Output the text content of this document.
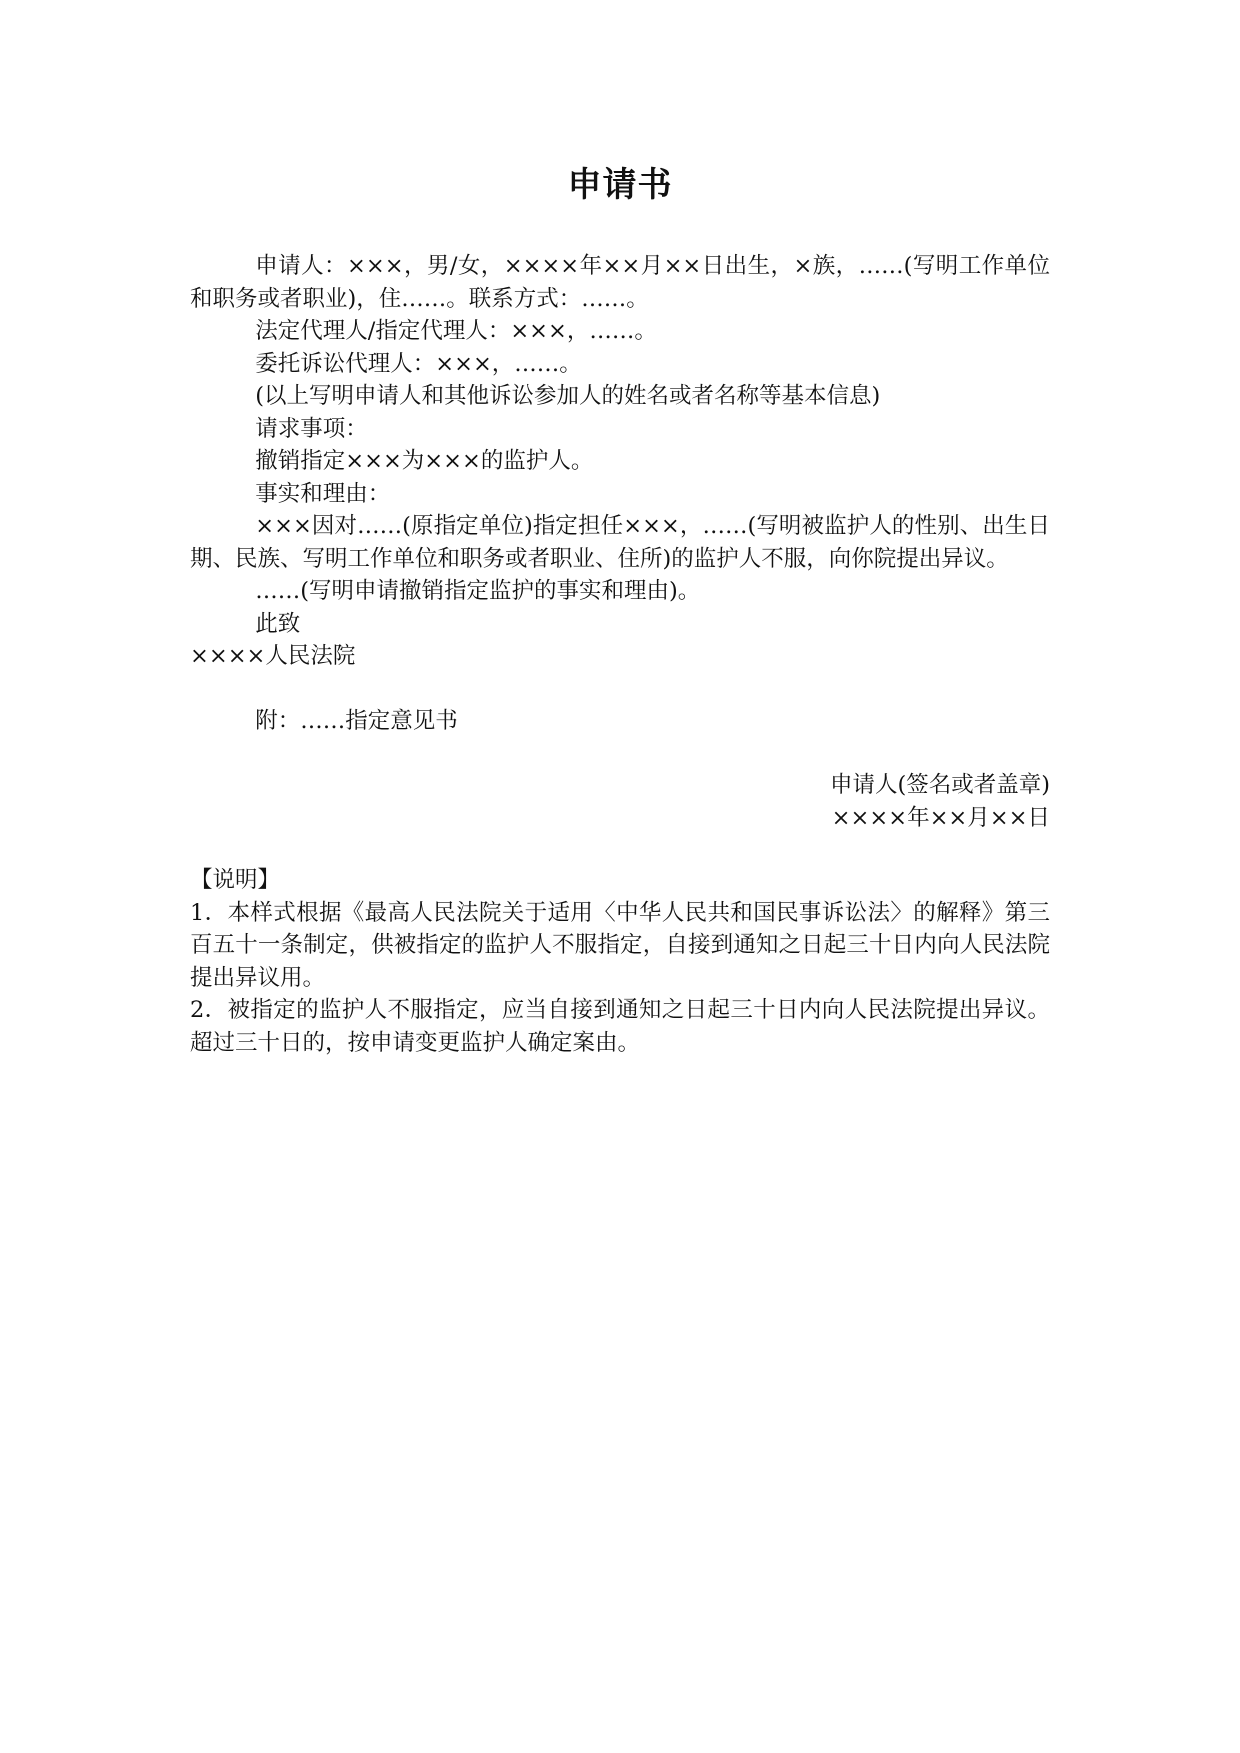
申请书

申请人：×××，男/女，××××年××月××日出生，×族，……(写明工作单位和职务或者职业)，住……。联系方式：……。

法定代理人/指定代理人：×××，……。

委托诉讼代理人：×××，……。

(以上写明申请人和其他诉讼参加人的姓名或者名称等基本信息)

请求事项：

撤销指定×××为×××的监护人。

事实和理由：

×××因对……(原指定单位)指定担任×××，……(写明被监护人的性别、出生日期、民族、写明工作单位和职务或者职业、住所)的监护人不服，向你院提出异议。

……(写明申请撤销指定监护的事实和理由)。

此致

××××人民法院

附：……指定意见书

申请人(签名或者盖章)

××××年××月××日

【说明】

1．本样式根据《最高人民法院关于适用〈中华人民共和国民事诉讼法〉的解释》第三百五十一条制定，供被指定的监护人不服指定，自接到通知之日起三十日内向人民法院提出异议用。

2．被指定的监护人不服指定，应当自接到通知之日起三十日内向人民法院提出异议。超过三十日的，按申请变更监护人确定案由。
